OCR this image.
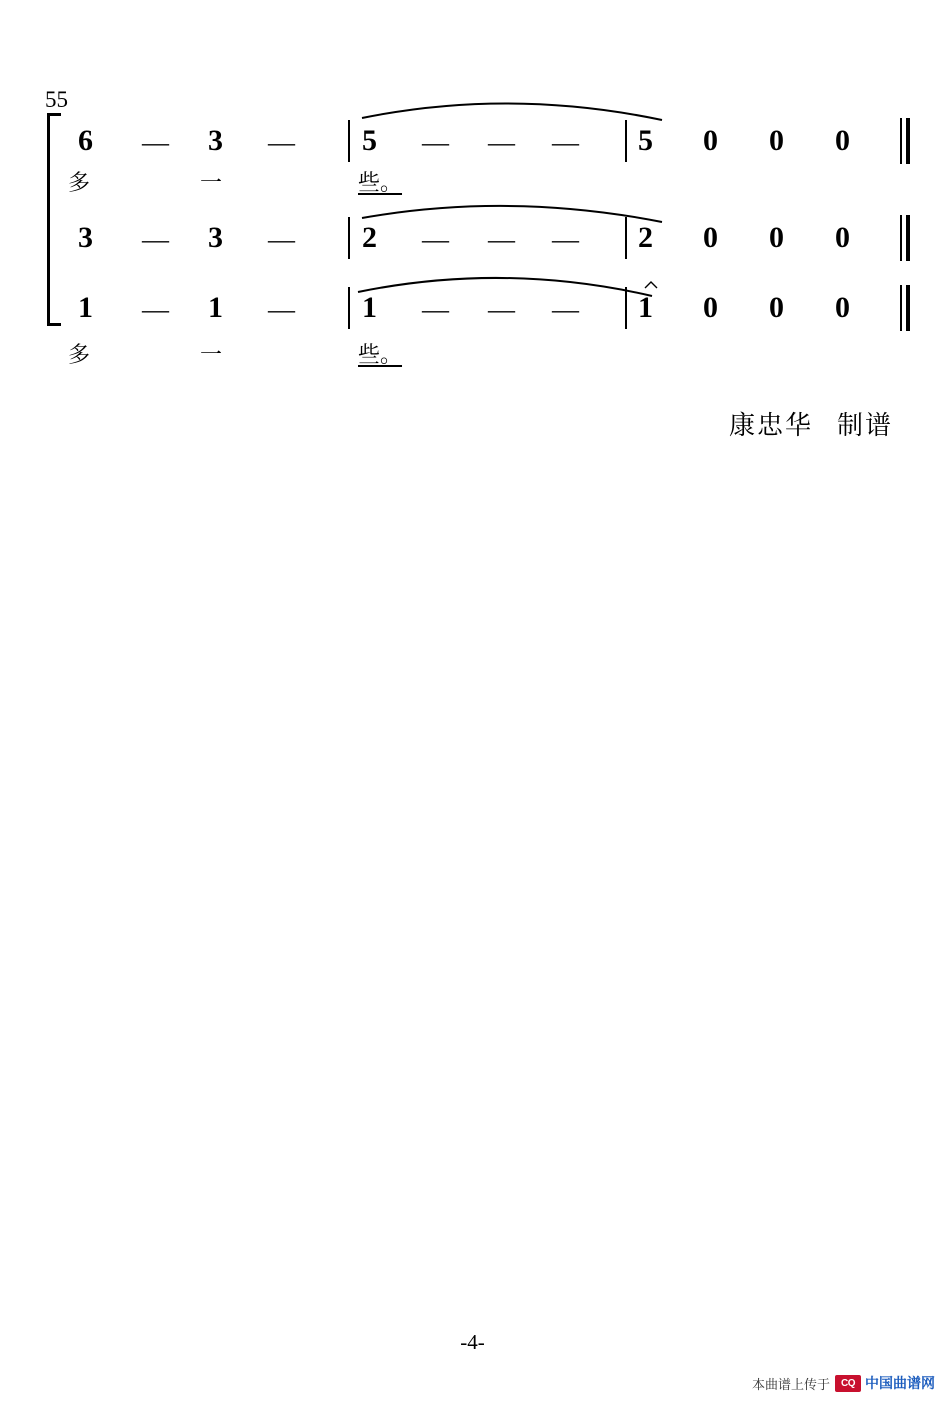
55
6 — 3 — 5 — — — 5 0 0 0
多	一	些。
3 — 3 — 2 — — — 2 0 0 0
1 — 1 — 1 — — — 1 0 0 0
多	一	些。
康忠华 制谱
-4-
本曲谱上传于	CQ 中国曲谱网
